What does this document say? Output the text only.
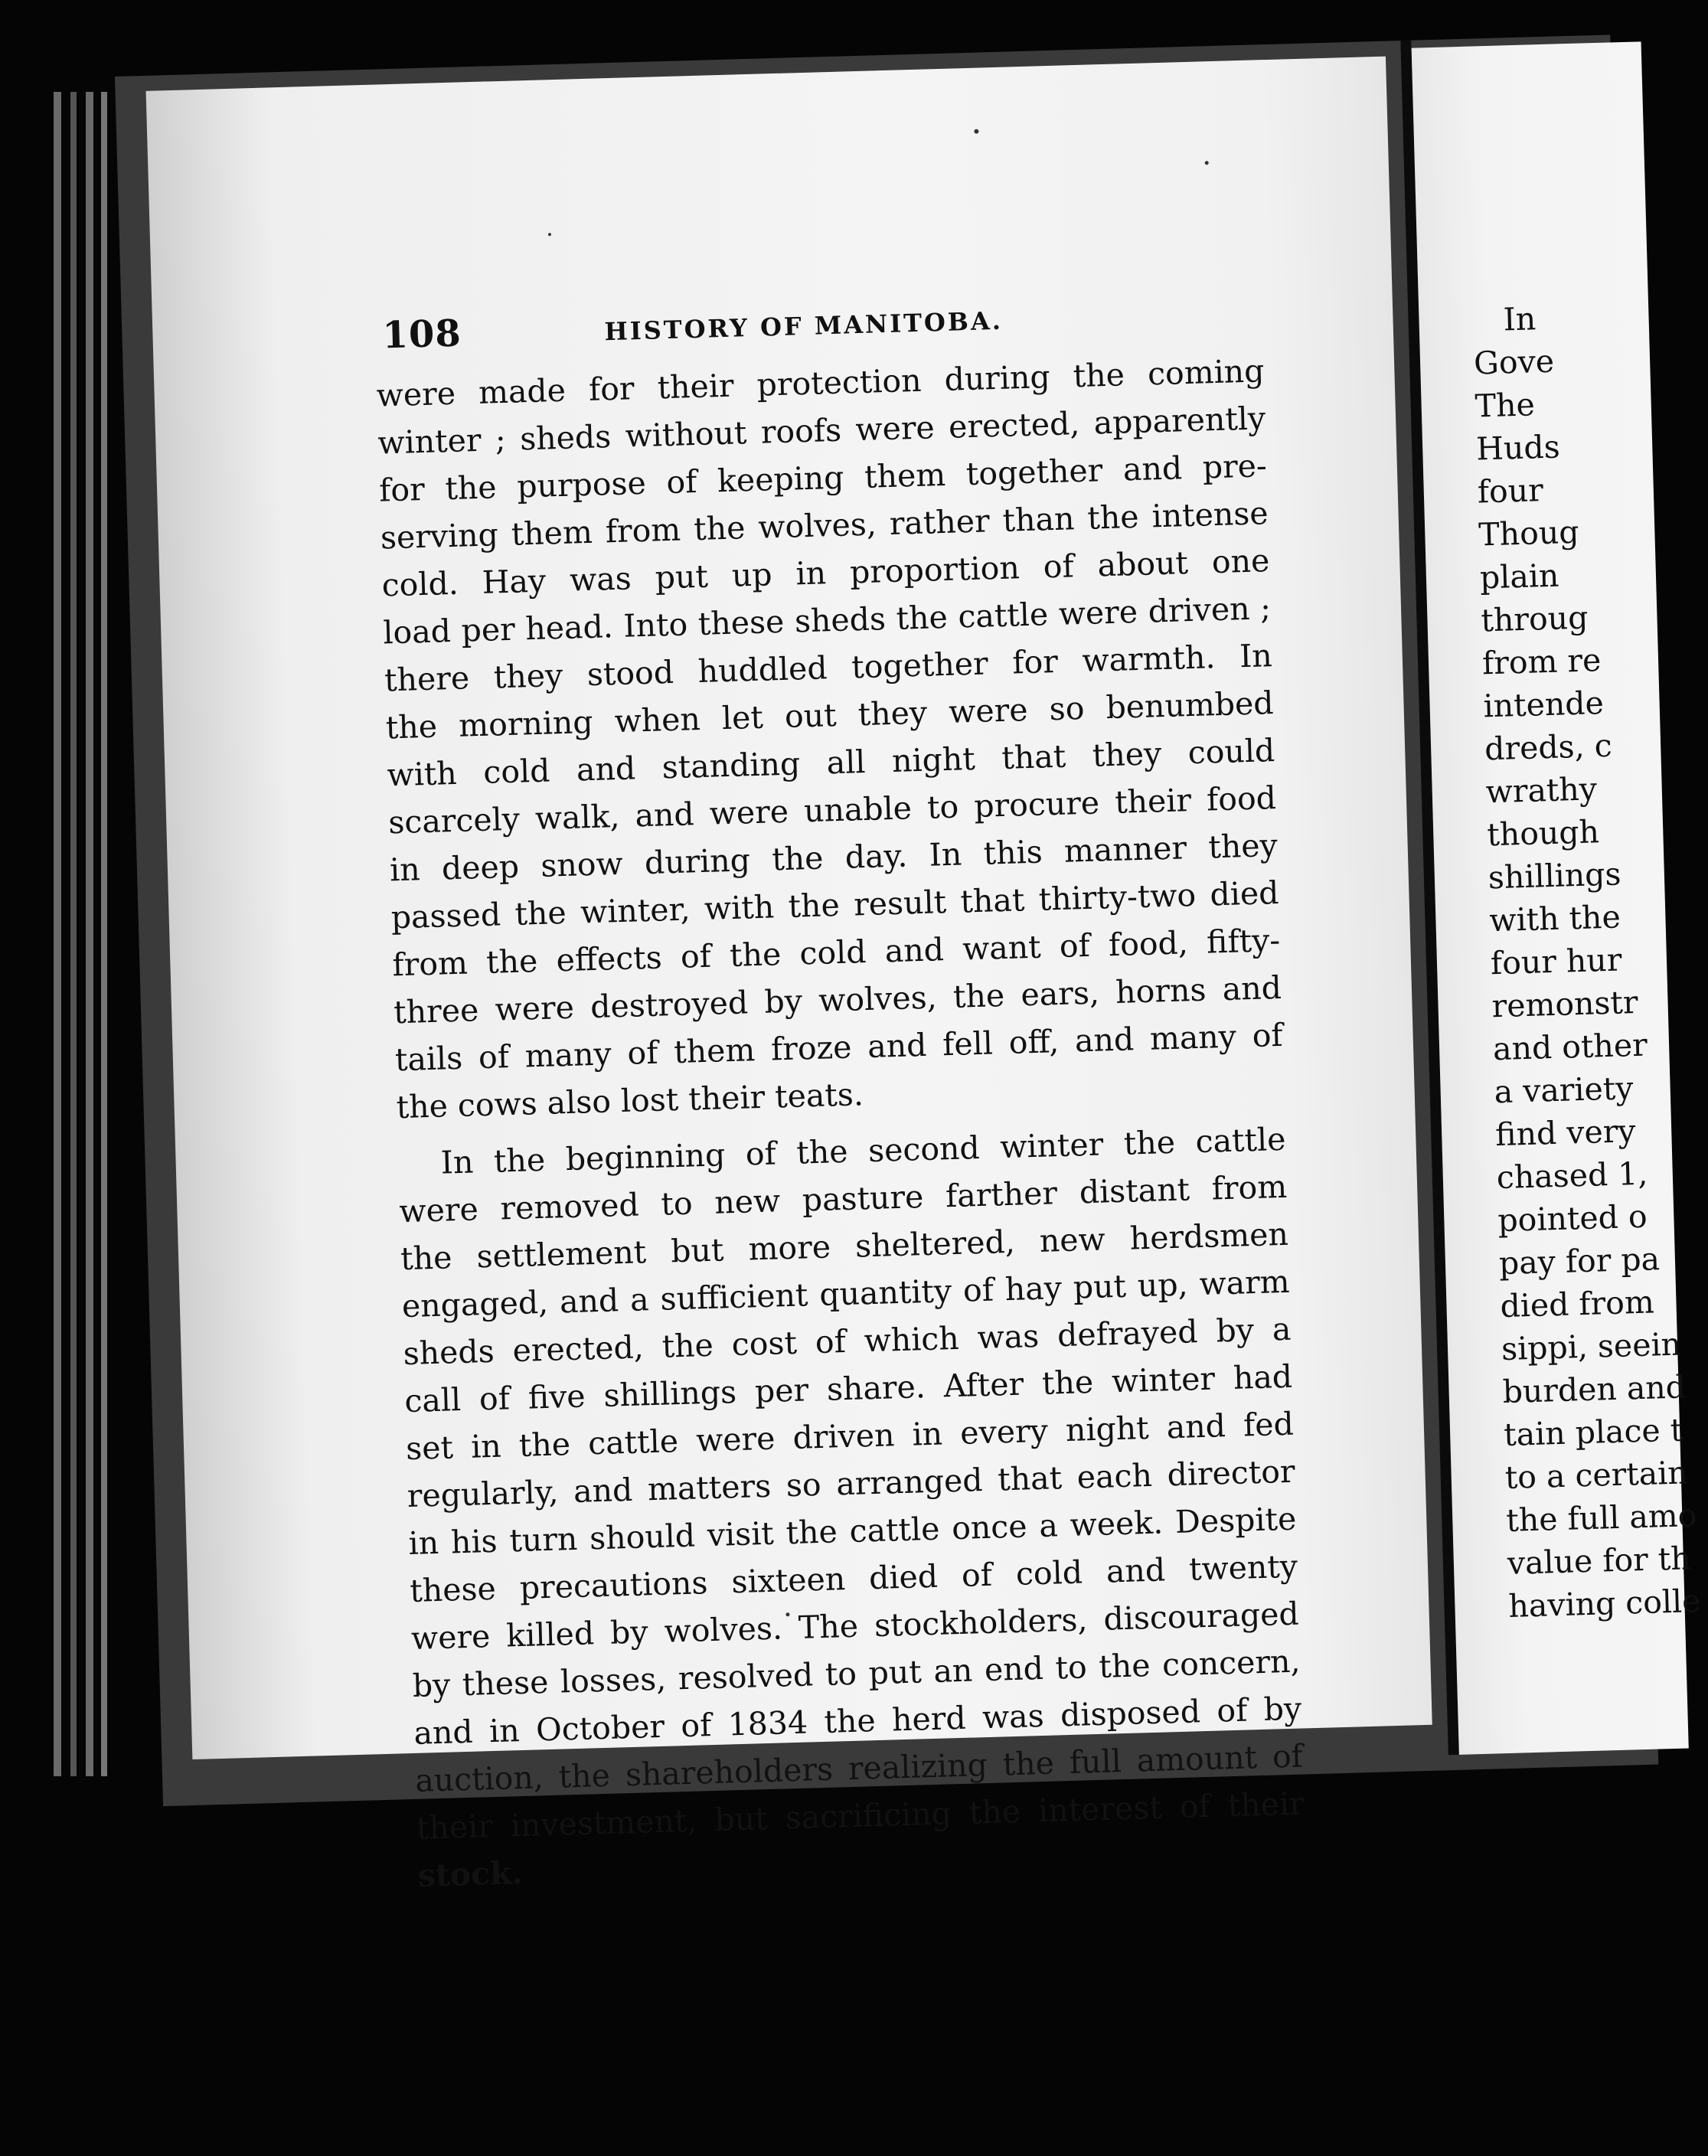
In
Gove
The
Huds
four
Thoug
plain
throug
from re
intende
dreds, c
wrathy
though
shillings
with the
four hur
remonstr
and other
a variety
find very
chased 1,
pointed o
pay for pa
died from
sippi, seein
burden and
tain place t
to a certain
the full amo
value for th
having colle
108	HISTORY OF MANITOBA.
were made for their protection during the coming
winter ; sheds without roofs were erected, apparently
for the purpose of keeping them together and pre-
serving them from the wolves, rather than the intense
cold. Hay was put up in proportion of about one
load per head. Into these sheds the cattle were driven ;
there they stood huddled together for warmth. In
the morning when let out they were so benumbed
with cold and standing all night that they could
scarcely walk, and were unable to procure their food
in deep snow during the day. In this manner they
passed the winter, with the result that thirty-two died
from the effects of the cold and want of food, fifty-
three were destroyed by wolves, the ears, horns and
tails of many of them froze and fell off, and many of
the cows also lost their teats.
In the beginning of the second winter the cattle
were removed to new pasture farther distant from
the settlement but more sheltered, new herdsmen
engaged, and a sufficient quantity of hay put up, warm
sheds erected, the cost of which was defrayed by a
call of five shillings per share. After the winter had
set in the cattle were driven in every night and fed
regularly, and matters so arranged that each director
in his turn should visit the cattle once a week. Despite
these precautions sixteen died of cold and twenty
were killed by wolves. The stockholders, discouraged
by these losses, resolved to put an end to the concern,
and in October of 1834 the herd was disposed of by
auction, the shareholders realizing the full amount of
their investment, but sacrificing the interest of their
stock.
